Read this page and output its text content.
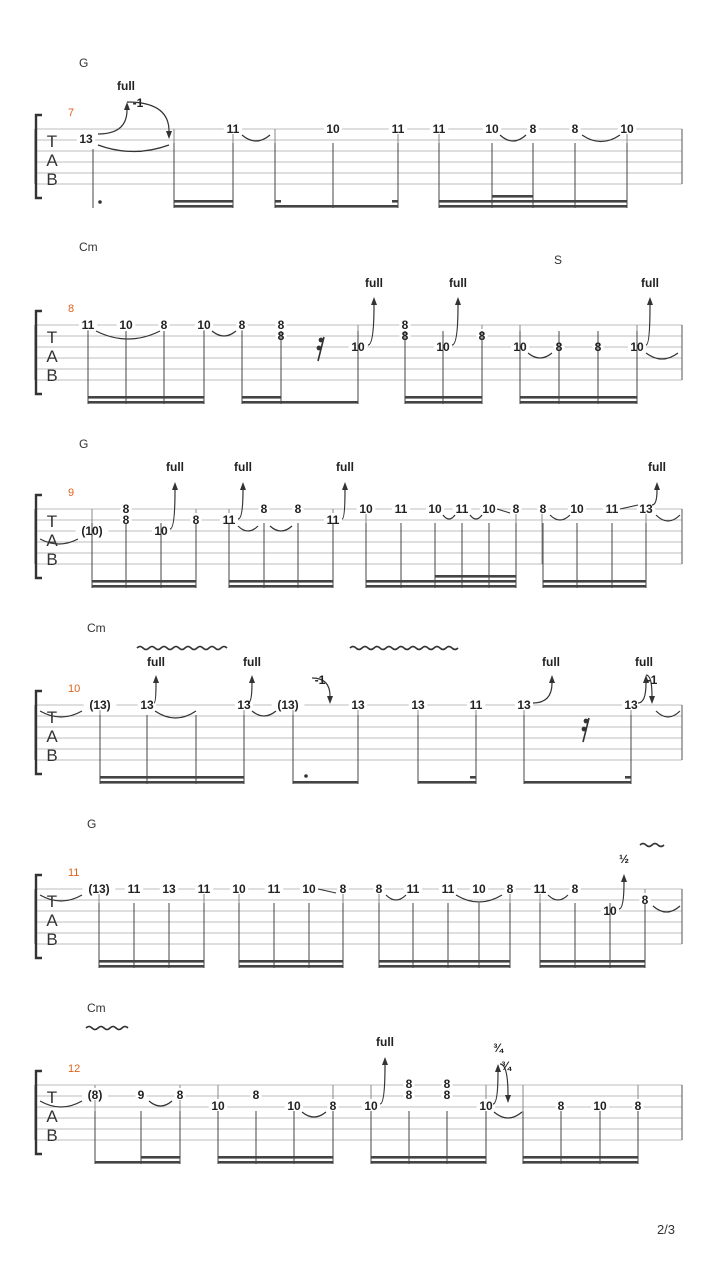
G
T
A
B
7
13
full
-1
11	10	11 11	10	8	8	10
Cm
S
T
A
B
8
11 10 8 10 8	8
8
10
full
8
8
10
full
8
10 8	8 10
full
G
T
A
B
9
(10)
8
8
10
full
8 11
full
8 8
11
full
10 11 10 11 10 8 8 10 11 13
full
Cm
T
A
B
10
(13) 13
full
13
full
(13)
-1
13	13	11	13
full
13
full
-1
G
T
A
B
11
(13) 11 13 11 10 11 10 8 8 11 11 10 8 11 8
10
½
8
Cm
T
A
B
12
(8)	9	8
10
8
10 8 10
full
8
8
8
8
10
¾
¾
8 10 8
2/3
